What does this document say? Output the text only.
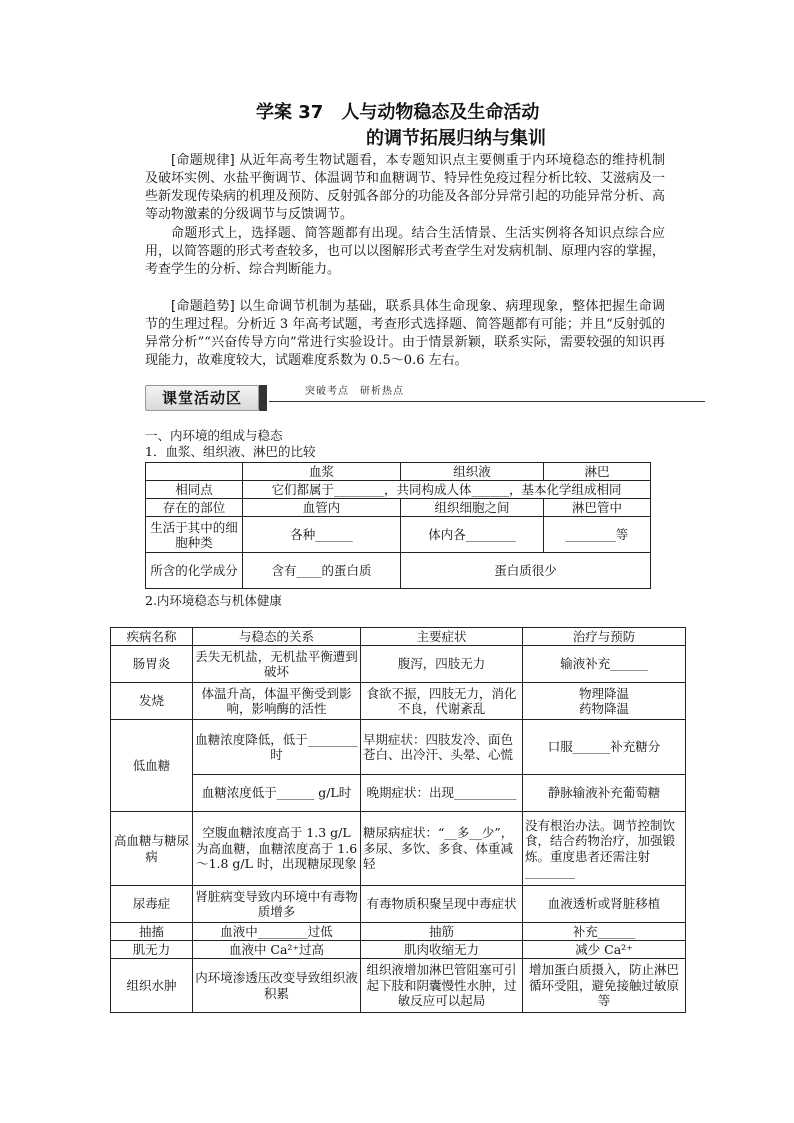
学案 37　人与动物稳态及生命活动
的调节拓展归纳与集训

[命题规律] 从近年高考生物试题看，本专题知识点主要侧重于内环境稳态的维持机制及破坏实例、水盐平衡调节、体温调节和血糖调节、特异性免疫过程分析比较、艾滋病及一些新发现传染病的机理及预防、反射弧各部分的功能及各部分异常引起的功能异常分析、高等动物激素的分级调节与反馈调节。

命题形式上，选择题、简答题都有出现。结合生活情景、生活实例将各知识点综合应用，以简答题的形式考查较多，也可以以图解形式考查学生对发病机制、原理内容的掌握，考查学生的分析、综合判断能力。

[命题趋势] 以生命调节机制为基础，联系具体生命现象、病理现象，整体把握生命调节的生理过程。分析近 3 年高考试题，考查形式选择题、简答题都有可能；并且“反射弧的异常分析”“兴奋传导方向”常进行实验设计。由于情景新颖，联系实际，需要较强的知识再现能力，故难度较大，试题难度系数为 0.5～0.6 左右。

课堂活动区	突破考点　研析热点
一、内环境的组成与稳态
1．血浆、组织液、淋巴的比较
	血浆	组织液	淋巴
相同点	它们都属于________，共同构成人体______，基本化学组成相同		
存在的部位	血管内	组织细胞之间	淋巴管中
生活于其中的细胞种类	各种______	体内各________	________等
所含的化学成分	含有____的蛋白质	蛋白质很少	
2.内环境稳态与机体健康
疾病名称	与稳态的关系	主要症状	治疗与预防
肠胃炎	丢失无机盐，无机盐平衡遭到破坏	腹泻，四肢无力	输液补充______
发烧	体温升高，体温平衡受到影响，影响酶的活性	食欲不振，四肢无力，消化不良，代谢紊乱	物理降温
药物降温
低血糖	血糖浓度降低，低于________时	早期症状：四肢发冷、面色苍白、出冷汗、头晕、心慌	口服______补充糖分
	血糖浓度低于______ g/L时	晚期症状：出现__________	静脉输液补充葡萄糖
高血糖与糖尿病	空腹血糖浓度高于 1.3 g/L 为高血糖，血糖浓度高于 1.6～1.8 g/L 时，出现糖尿现象	糖尿病症状：“__多__少”，多尿、多饮、多食、体重减轻	没有根治办法。调节控制饮食，结合药物治疗，加强锻炼。重度患者还需注射________
尿毒症	肾脏病变导致内环境中有毒物质增多	有毒物质积聚呈现中毒症状	血液透析或肾脏移植
抽搐	血液中________过低	抽筋	补充______
肌无力	血液中 Ca²⁺过高	肌肉收缩无力	减少 Ca²⁺
组织水肿	内环境渗透压改变导致组织液积累	组织液增加淋巴管阻塞可引起下肢和阴囊慢性水肿，过敏反应可以起局	增加蛋白质摄入，防止淋巴循环受阻，避免接触过敏原等
